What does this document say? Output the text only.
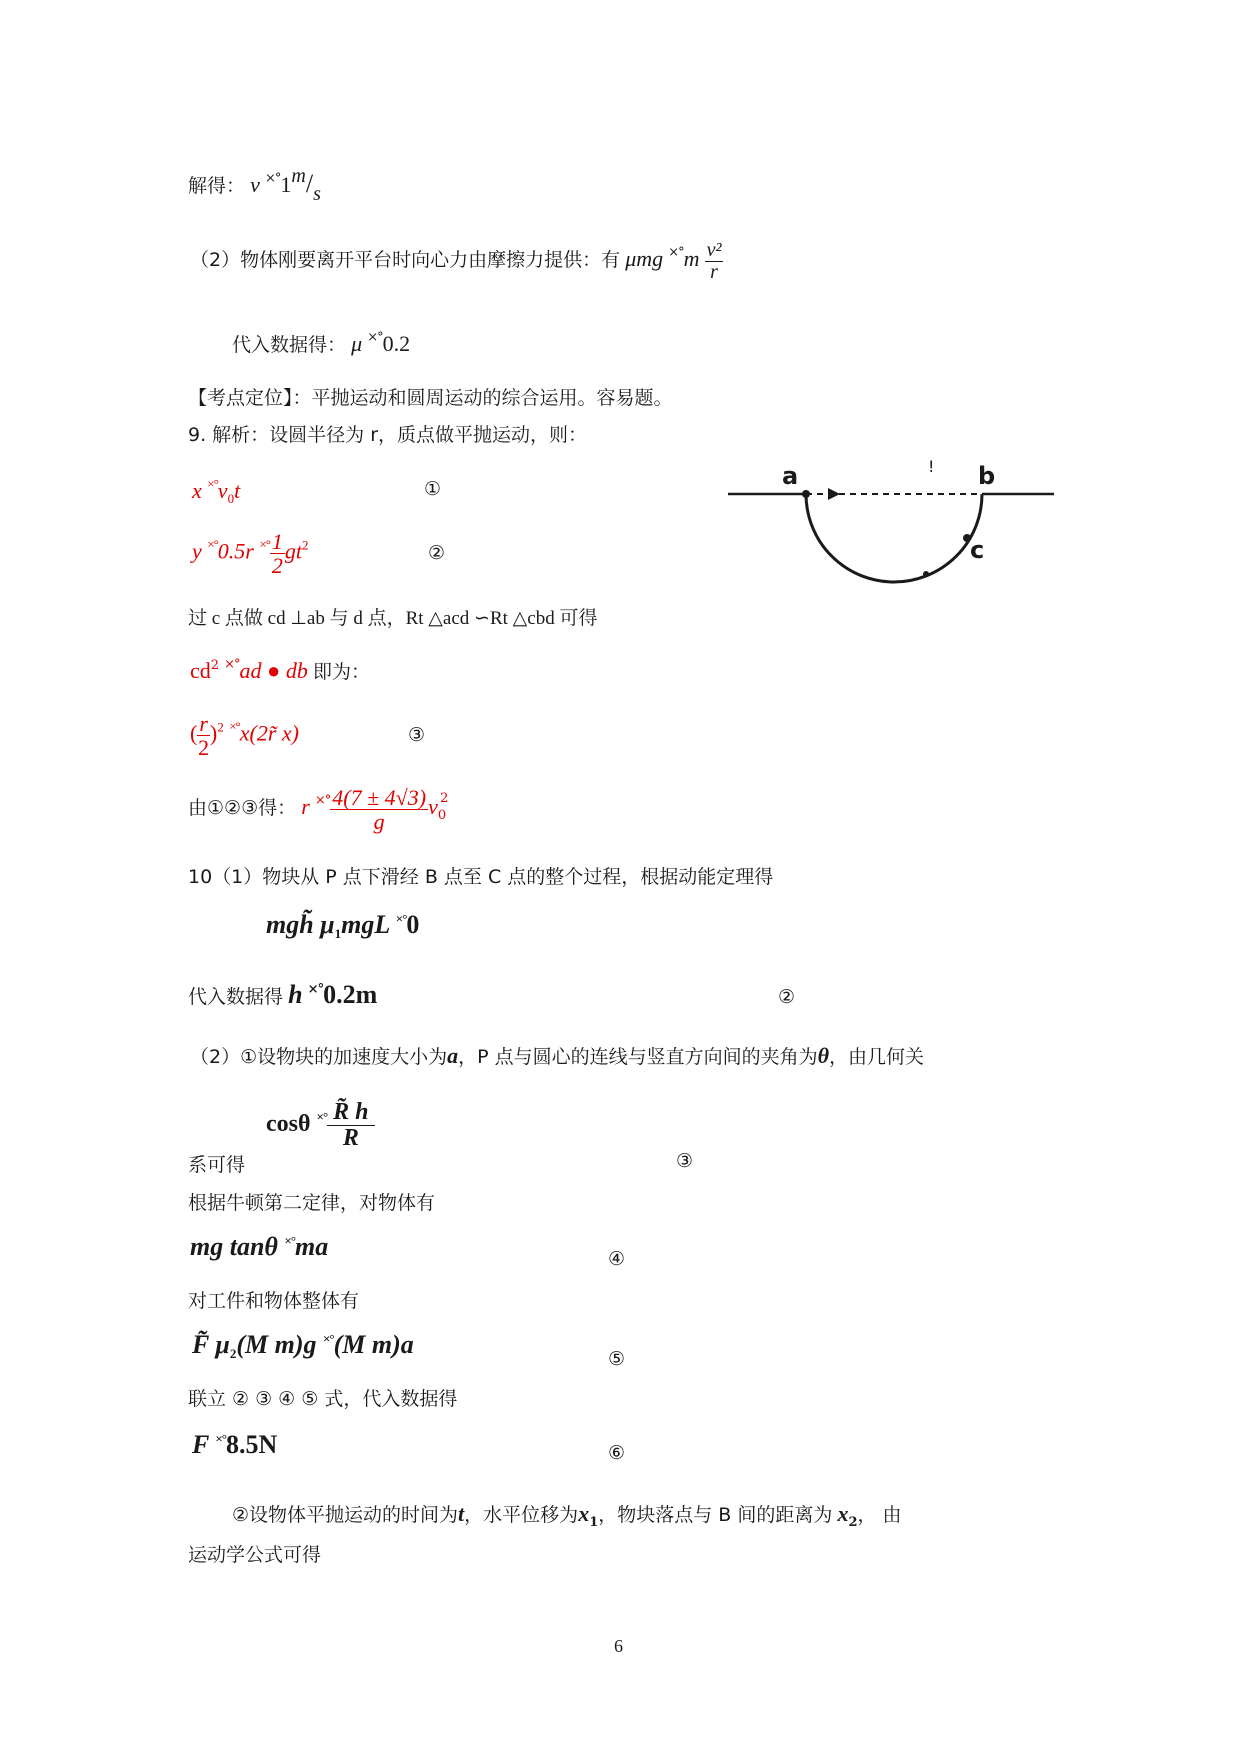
解得： v ×°1m/s
（2）物体刚要离开平台时向心力由摩擦力提供：有 μmg $^{\times^\circ}m \frac{\text{v²}}{r}$
代入数据得： μ ×°0.2
【考点定位】：平抛运动和圆周运动的综合运用。容易题。
9. 解析：设圆半径为 r，质点做平抛运动，则：
x $^{\times^\circ}v_0t$	①
y ×°0.5r $^{\times^\circ} \frac{1}{2} gt^2$	②
过 c 点做 cd ⊥ab 与 d 点，Rt △acd ∽Rt △cbd 可得
$cd^2$ ×°ad ● db 即为：
( $\frac{r}{2} )^2$ ×°x(2r̃ x)	③
由①②③得： r $^{\times^\circ} \frac{4(7 \pm 4√3)}{g} v_0^2$
10（1）物块从 P 点下滑经 B 点至 C 点的整个过程，根据动能定理得
mgh̃ $\mu_1mgL$ ×°0
代入数据得 h ×°0.2m	②
（2）①设物块的加速度大小为a，P 点与圆心的连线与竖直方向间的夹角为θ，由几何关
cosθ $^{\times^\circ} \frac{R̃ h}{R}$
系可得	③
根据牛顿第二定律，对物体有
mg tanθ ×°ma	④
对工件和物体整体有
F̃ $\mu_2(M$ m)g ×°(M m)a	⑤
联立 ② ③ ④ ⑤ 式，代入数据得
F ×°8.5N	⑥
②设物体平抛运动的时间为t，水平位移为$x_1$，物块落点与 B 间的距离为 $x_2$， 由
运动学公式可得
a	b
c
!
6
